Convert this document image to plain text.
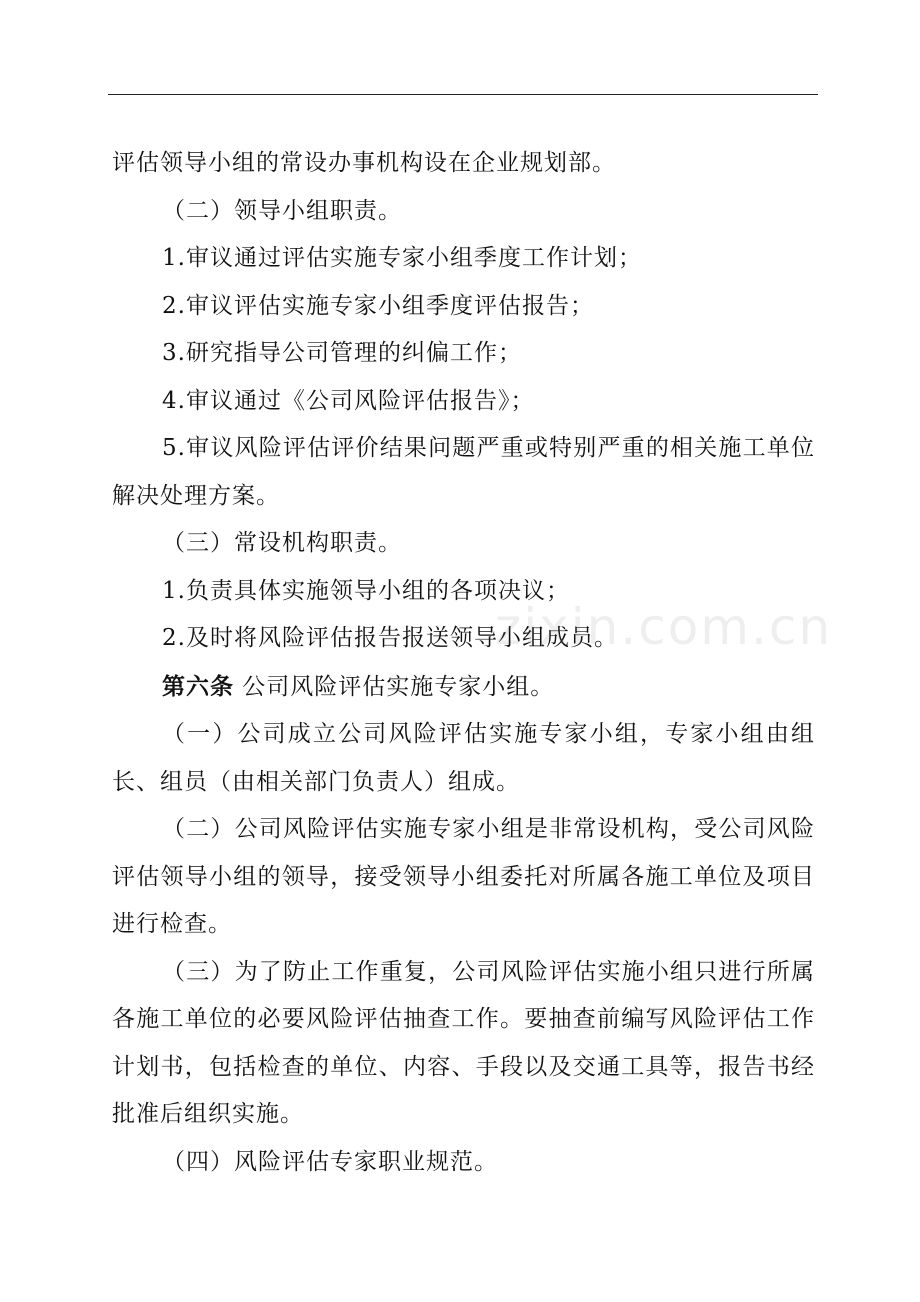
评估领导小组的常设办事机构设在企业规划部。

（二）领导小组职责。

1.审议通过评估实施专家小组季度工作计划；

2.审议评估实施专家小组季度评估报告；

3.研究指导公司管理的纠偏工作；

4.审议通过《公司风险评估报告》；

5.审议风险评估评价结果问题严重或特别严重的相关施工单位解决处理方案。

（三）常设机构职责。

1.负责具体实施领导小组的各项决议；

2.及时将风险评估报告报送领导小组成员。

第六条 公司风险评估实施专家小组。

（一）公司成立公司风险评估实施专家小组，专家小组由组长、组员（由相关部门负责人）组成。

（二）公司风险评估实施专家小组是非常设机构，受公司风险评估领导小组的领导，接受领导小组委托对所属各施工单位及项目进行检查。

（三）为了防止工作重复，公司风险评估实施小组只进行所属各施工单位的必要风险评估抽查工作。要抽查前编写风险评估工作计划书，包括检查的单位、内容、手段以及交通工具等，报告书经批准后组织实施。

（四）风险评估专家职业规范。

zixin.com.cn
